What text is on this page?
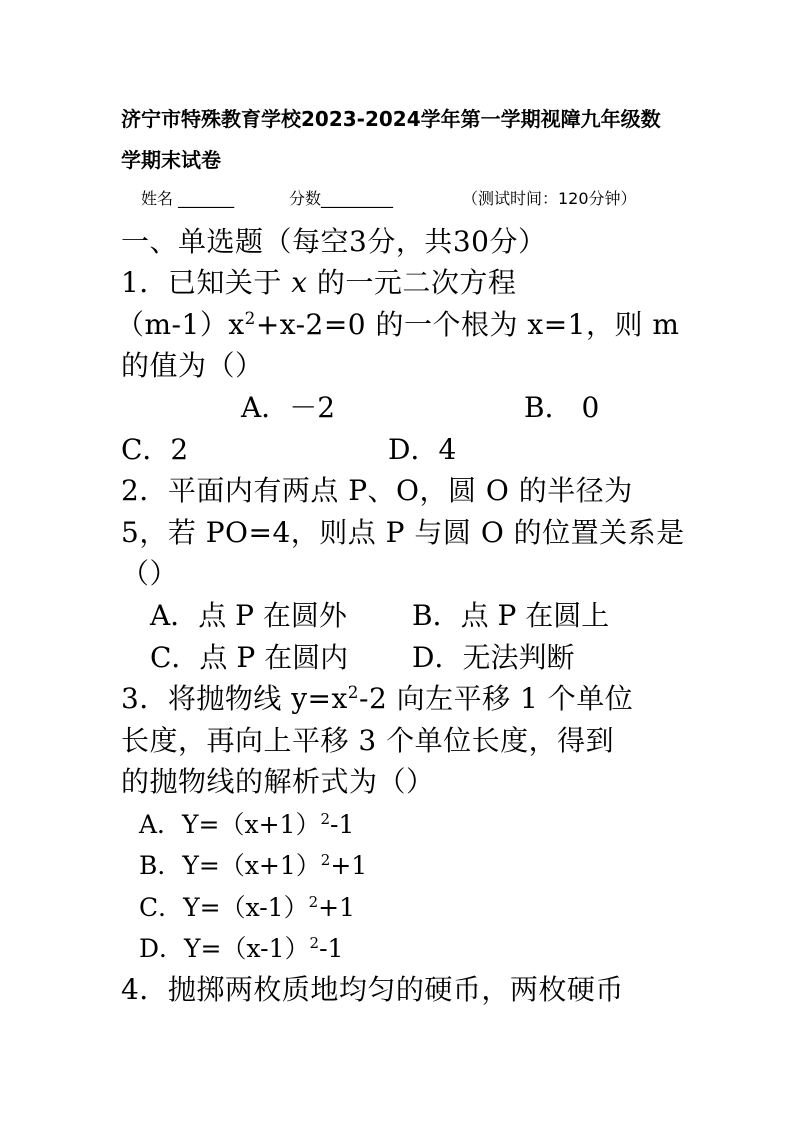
济宁市特殊教育学校2023-2024学年第一学期视障九年级数
学期末试卷
姓名 _______	分数_________	（测试时间：120分钟）
一、单选题（每空3分，共30分）
1．已知关于 x 的一元二次方程
$(m-1)x^2+x-2=0$ 的一个根为 x=1，则 m
的值为（）
A．－2	B． 0
C．2	D．4
2．平面内有两点 P、O，圆 O 的半径为
5，若 PO=4，则点 P 与圆 O 的位置关系是
（）
A．点 P 在圆外 B．点 P 在圆上
C．点 P 在圆内 D．无法判断
3．将抛物线 $y=x^2-2$ 向左平移 1 个单位
长度，再向上平移 3 个单位长度，得到
的抛物线的解析式为（）
A．$Y=(x+1)^2-1$
B．$Y=(x+1)^2+1$
C．$Y=(x-1)^2+1$
D．$Y=(x-1)^2-1$
4．抛掷两枚质地均匀的硬币，两枚硬币
